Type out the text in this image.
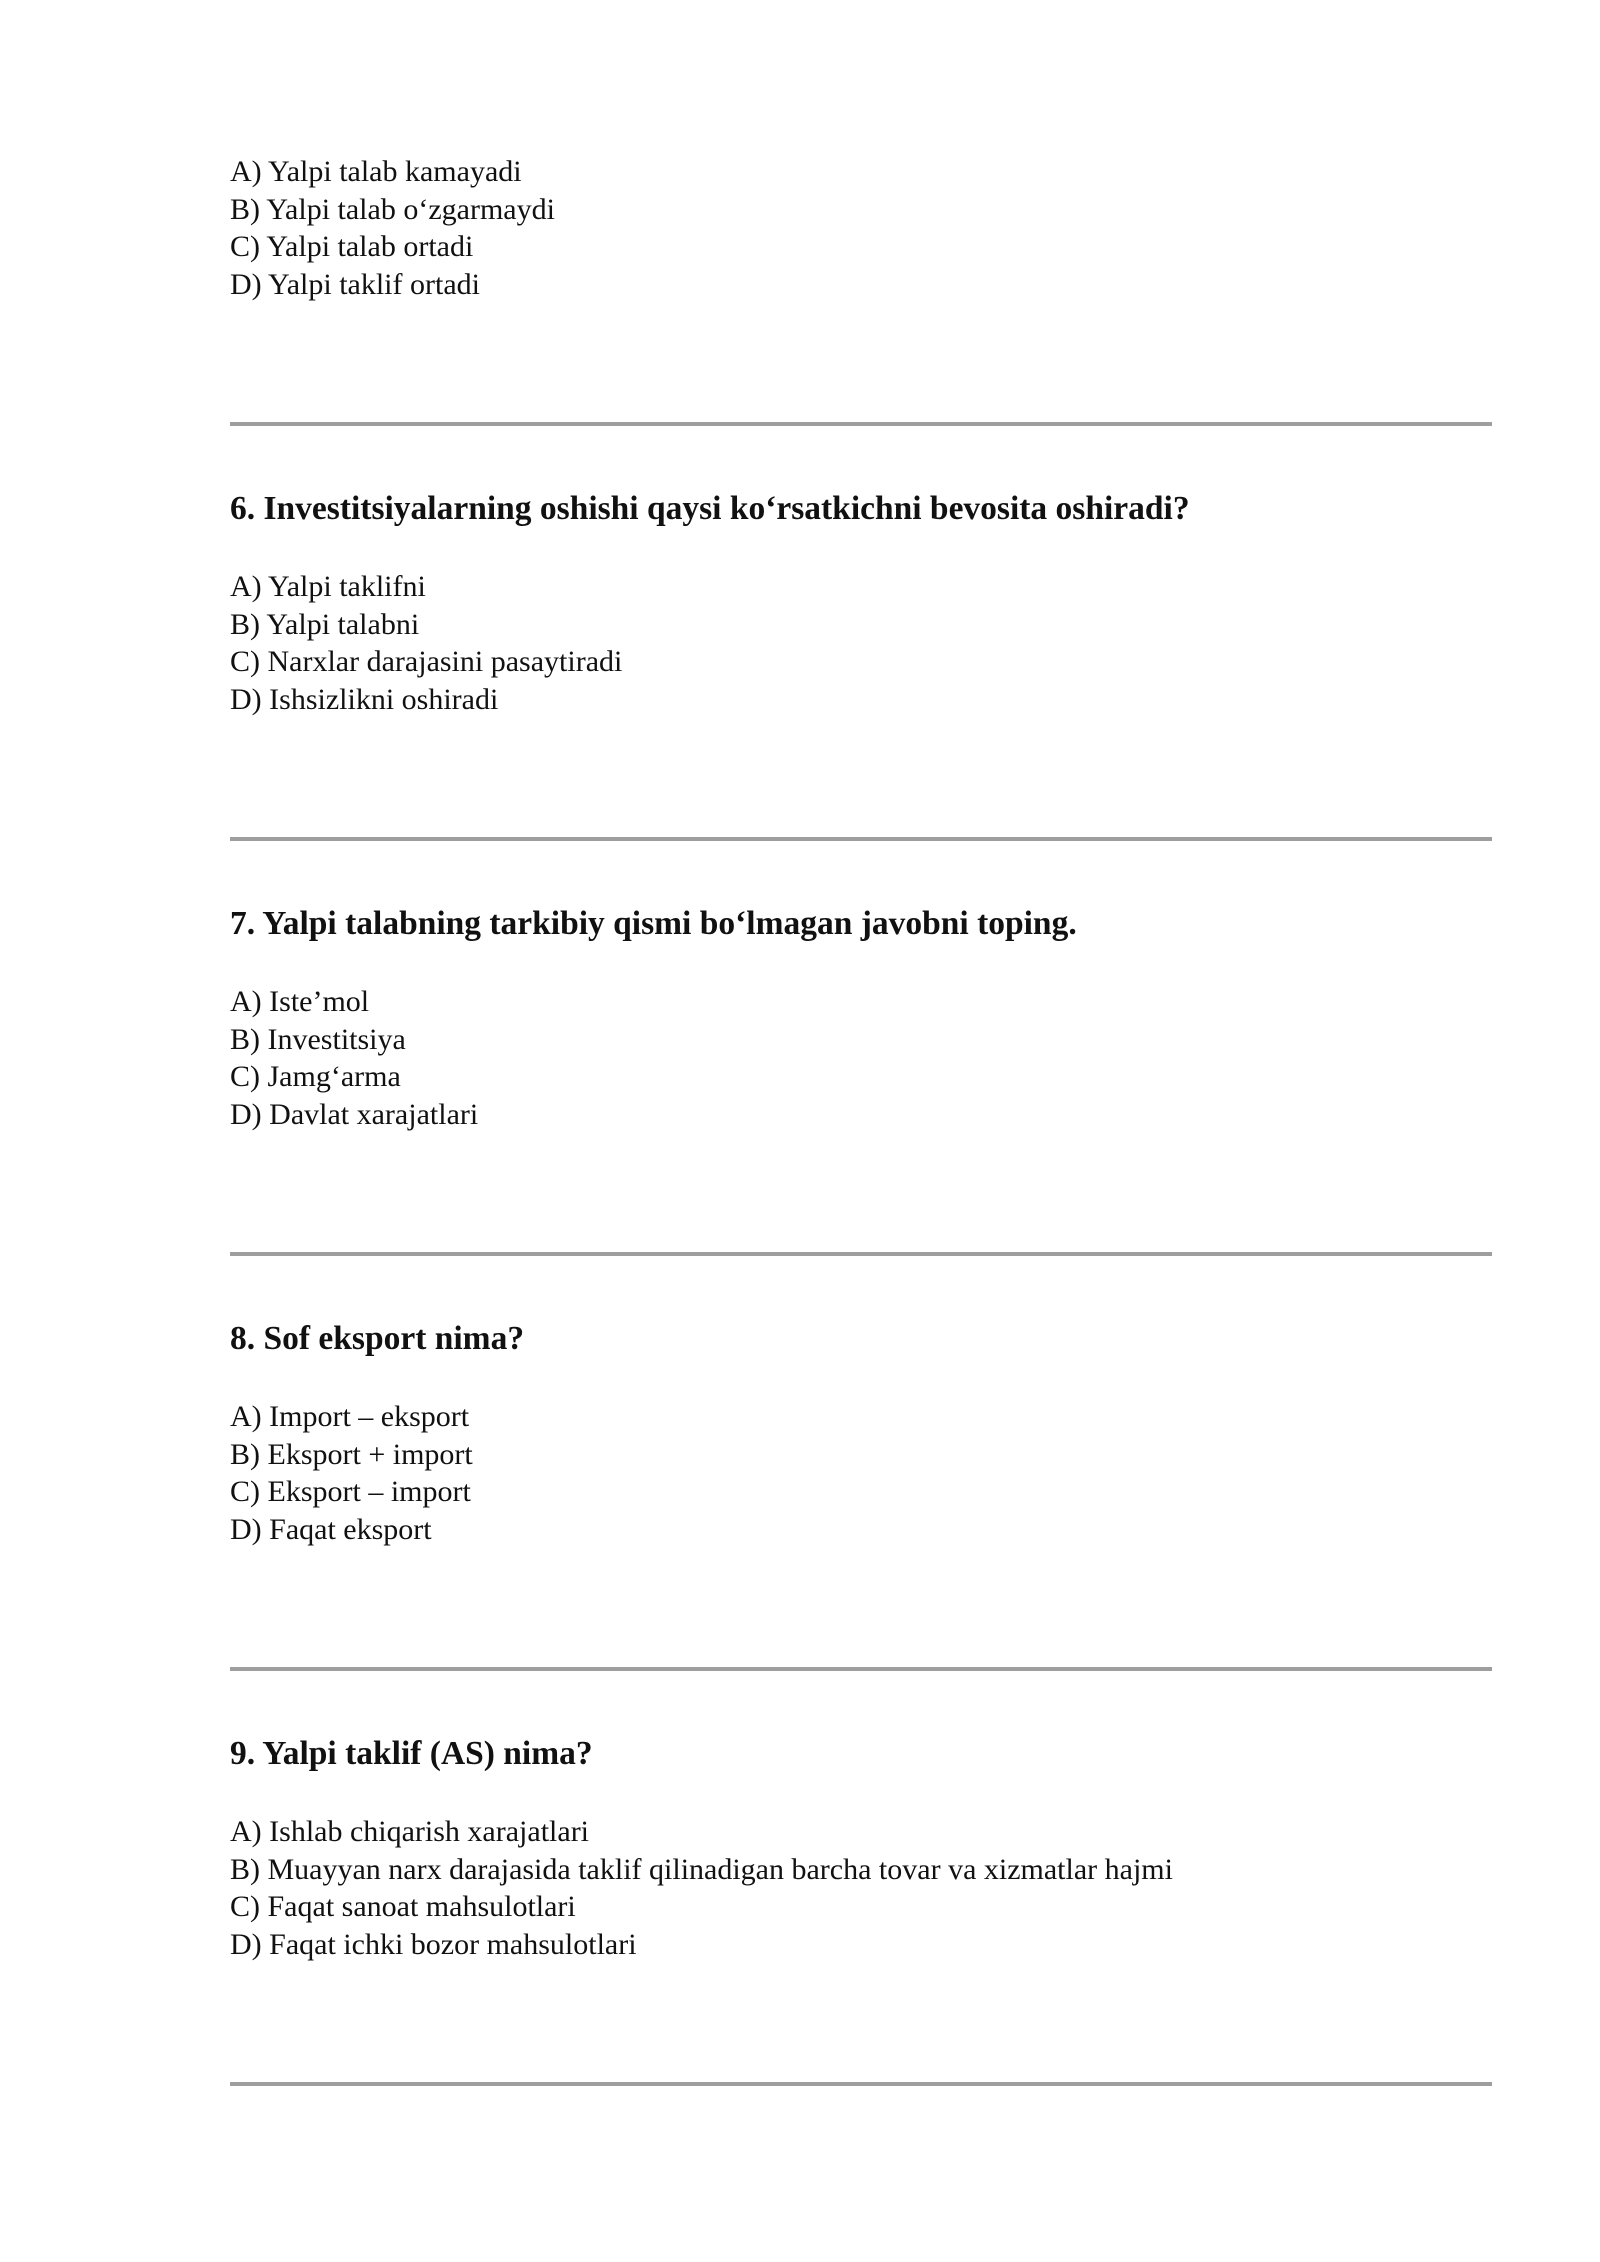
A) Yalpi talab kamayadi
B) Yalpi talab o‘zgarmaydi
C) Yalpi talab ortadi
D) Yalpi taklif ortadi
6. Investitsiyalarning oshishi qaysi ko‘rsatkichni bevosita oshiradi?
A) Yalpi taklifni
B) Yalpi talabni
C) Narxlar darajasini pasaytiradi
D) Ishsizlikni oshiradi
7. Yalpi talabning tarkibiy qismi bo‘lmagan javobni toping.
A) Iste’mol
B) Investitsiya
C) Jamg‘arma
D) Davlat xarajatlari
8. Sof eksport nima?
A) Import – eksport
B) Eksport + import
C) Eksport – import
D) Faqat eksport
9. Yalpi taklif (AS) nima?
A) Ishlab chiqarish xarajatlari
B) Muayyan narx darajasida taklif qilinadigan barcha tovar va xizmatlar hajmi
C) Faqat sanoat mahsulotlari
D) Faqat ichki bozor mahsulotlari
